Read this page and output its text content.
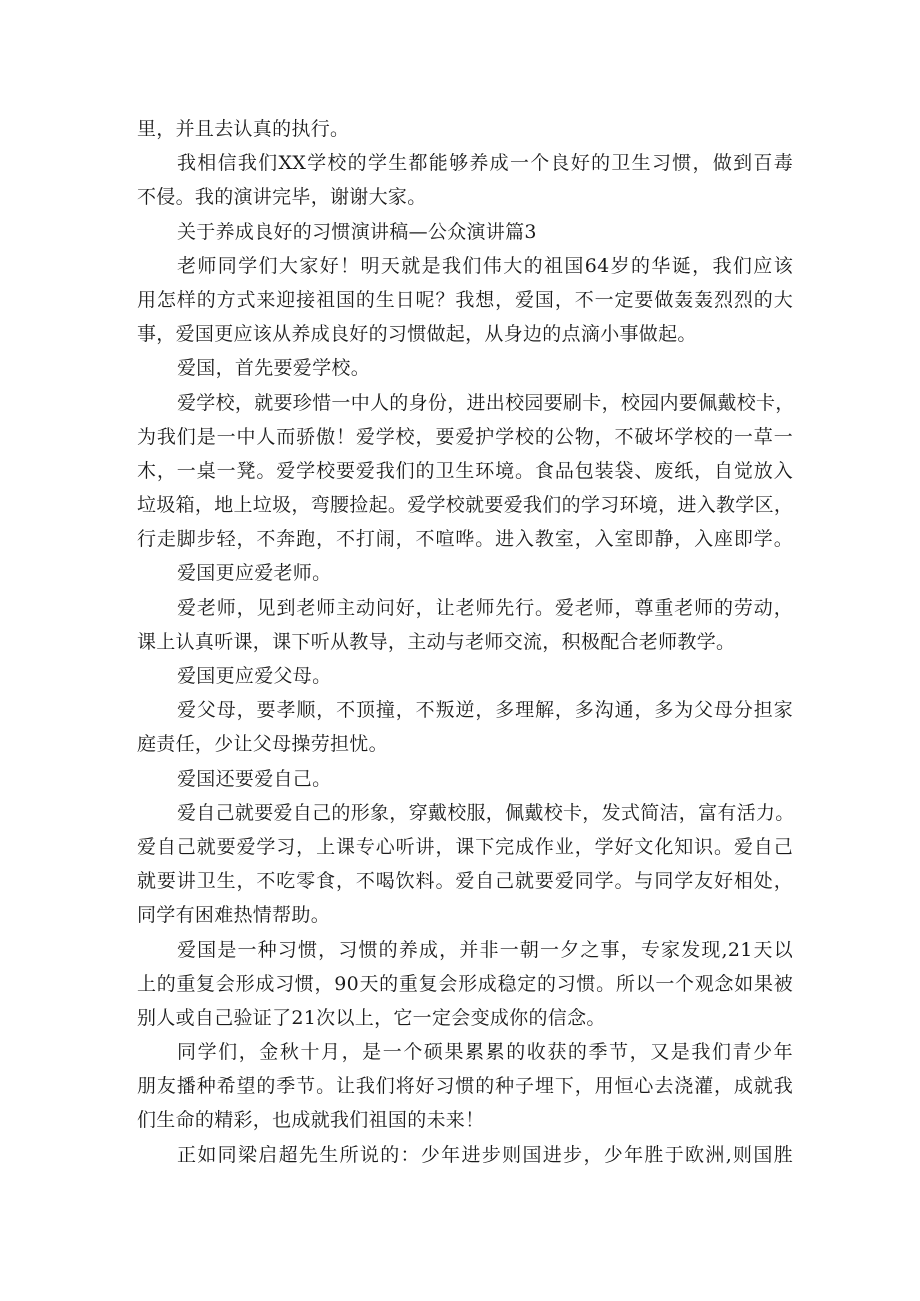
里，并且去认真的执行。
我相信我们XX学校的学生都能够养成一个良好的卫生习惯，做到百毒
不侵。我的演讲完毕，谢谢大家。
关于养成良好的习惯演讲稿—公众演讲篇3
老师同学们大家好！明天就是我们伟大的祖国64岁的华诞，我们应该
用怎样的方式来迎接祖国的生日呢？我想，爱国，不一定要做轰轰烈烈的大
事，爱国更应该从养成良好的习惯做起，从身边的点滴小事做起。
爱国，首先要爱学校。
爱学校，就要珍惜一中人的身份，进出校园要刷卡，校园内要佩戴校卡，
为我们是一中人而骄傲！爱学校，要爱护学校的公物，不破坏学校的一草一
木，一桌一凳。爱学校要爱我们的卫生环境。食品包装袋、废纸，自觉放入
垃圾箱，地上垃圾，弯腰捡起。爱学校就要爱我们的学习环境，进入教学区，
行走脚步轻，不奔跑，不打闹，不喧哗。进入教室，入室即静，入座即学。
爱国更应爱老师。
爱老师，见到老师主动问好，让老师先行。爱老师，尊重老师的劳动，
课上认真听课，课下听从教导，主动与老师交流，积极配合老师教学。
爱国更应爱父母。
爱父母，要孝顺，不顶撞，不叛逆，多理解，多沟通，多为父母分担家
庭责任，少让父母操劳担忧。
爱国还要爱自己。
爱自己就要爱自己的形象，穿戴校服，佩戴校卡，发式简洁，富有活力。
爱自己就要爱学习，上课专心听讲，课下完成作业，学好文化知识。爱自己
就要讲卫生，不吃零食，不喝饮料。爱自己就要爱同学。与同学友好相处，
同学有困难热情帮助。
爱国是一种习惯，习惯的养成，并非一朝一夕之事，专家发现,21天以
上的重复会形成习惯，90天的重复会形成稳定的习惯。所以一个观念如果被
别人或自己验证了21次以上，它一定会变成你的信念。
同学们，金秋十月，是一个硕果累累的收获的季节，又是我们青少年
朋友播种希望的季节。让我们将好习惯的种子埋下，用恒心去浇灌，成就我
们生命的精彩，也成就我们祖国的未来！
正如同梁启超先生所说的：少年进步则国进步，少年胜于欧洲,则国胜
